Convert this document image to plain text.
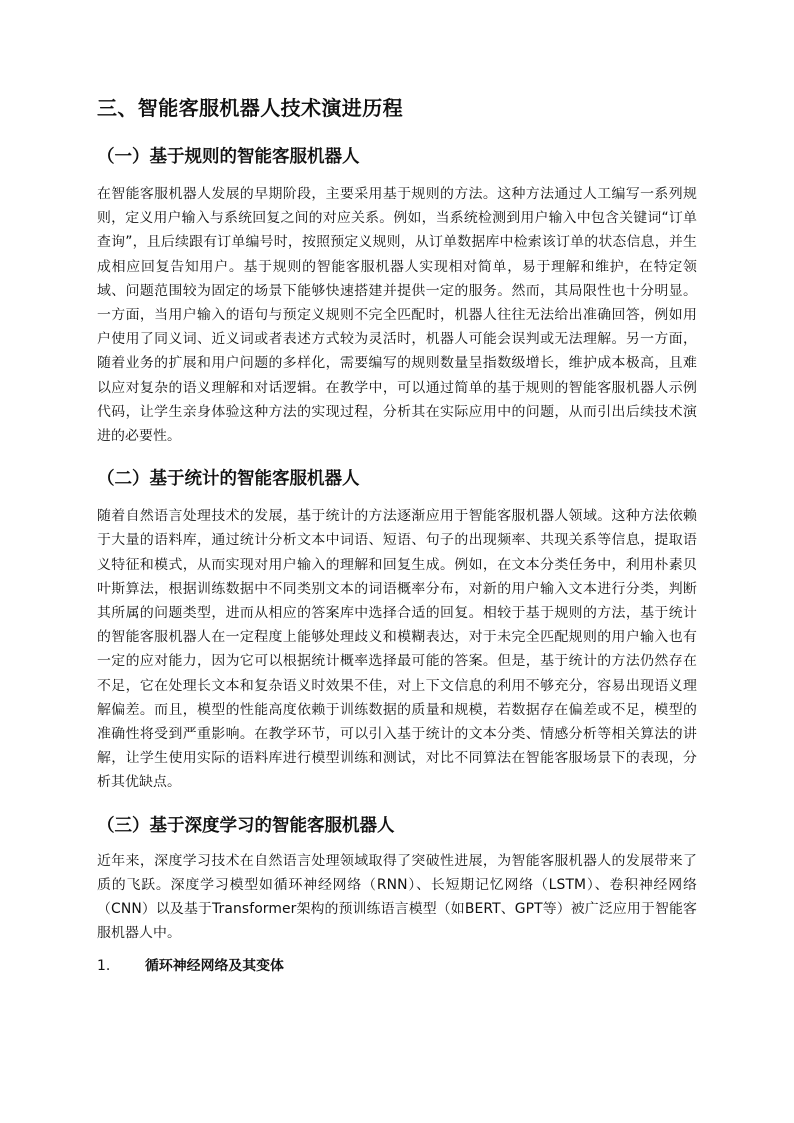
三、智能客服机器人技术演进历程
（一）基于规则的智能客服机器人

在智能客服机器人发展的早期阶段，主要采用基于规则的方法。这种方法通过人工编写一系列规则，定义用户输入与系统回复之间的对应关系。例如，当系统检测到用户输入中包含关键词“订单查询”，且后续跟有订单编号时，按照预定义规则，从订单数据库中检索该订单的状态信息，并生成相应回复告知用户。基于规则的智能客服机器人实现相对简单，易于理解和维护，在特定领域、问题范围较为固定的场景下能够快速搭建并提供一定的服务。然而，其局限性也十分明显。一方面，当用户输入的语句与预定义规则不完全匹配时，机器人往往无法给出准确回答，例如用户使用了同义词、近义词或者表述方式较为灵活时，机器人可能会误判或无法理解。另一方面，随着业务的扩展和用户问题的多样化，需要编写的规则数量呈指数级增长，维护成本极高，且难以应对复杂的语义理解和对话逻辑。在教学中，可以通过简单的基于规则的智能客服机器人示例代码，让学生亲身体验这种方法的实现过程，分析其在实际应用中的问题，从而引出后续技术演进的必要性。

（二）基于统计的智能客服机器人

随着自然语言处理技术的发展，基于统计的方法逐渐应用于智能客服机器人领域。这种方法依赖于大量的语料库，通过统计分析文本中词语、短语、句子的出现频率、共现关系等信息，提取语义特征和模式，从而实现对用户输入的理解和回复生成。例如，在文本分类任务中，利用朴素贝叶斯算法，根据训练数据中不同类别文本的词语概率分布，对新的用户输入文本进行分类，判断其所属的问题类型，进而从相应的答案库中选择合适的回复。相较于基于规则的方法，基于统计的智能客服机器人在一定程度上能够处理歧义和模糊表达，对于未完全匹配规则的用户输入也有一定的应对能力，因为它可以根据统计概率选择最可能的答案。但是，基于统计的方法仍然存在不足，它在处理长文本和复杂语义时效果不佳，对上下文信息的利用不够充分，容易出现语义理解偏差。而且，模型的性能高度依赖于训练数据的质量和规模，若数据存在偏差或不足，模型的准确性将受到严重影响。在教学环节，可以引入基于统计的文本分类、情感分析等相关算法的讲解，让学生使用实际的语料库进行模型训练和测试，对比不同算法在智能客服场景下的表现，分析其优缺点。

（三）基于深度学习的智能客服机器人

近年来，深度学习技术在自然语言处理领域取得了突破性进展，为智能客服机器人的发展带来了质的飞跃。深度学习模型如循环神经网络（RNN）、长短期记忆网络（LSTM）、卷积神经网络（CNN）以及基于Transformer架构的预训练语言模型（如BERT、GPT等）被广泛应用于智能客服机器人中。

1.	循环神经网络及其变体
